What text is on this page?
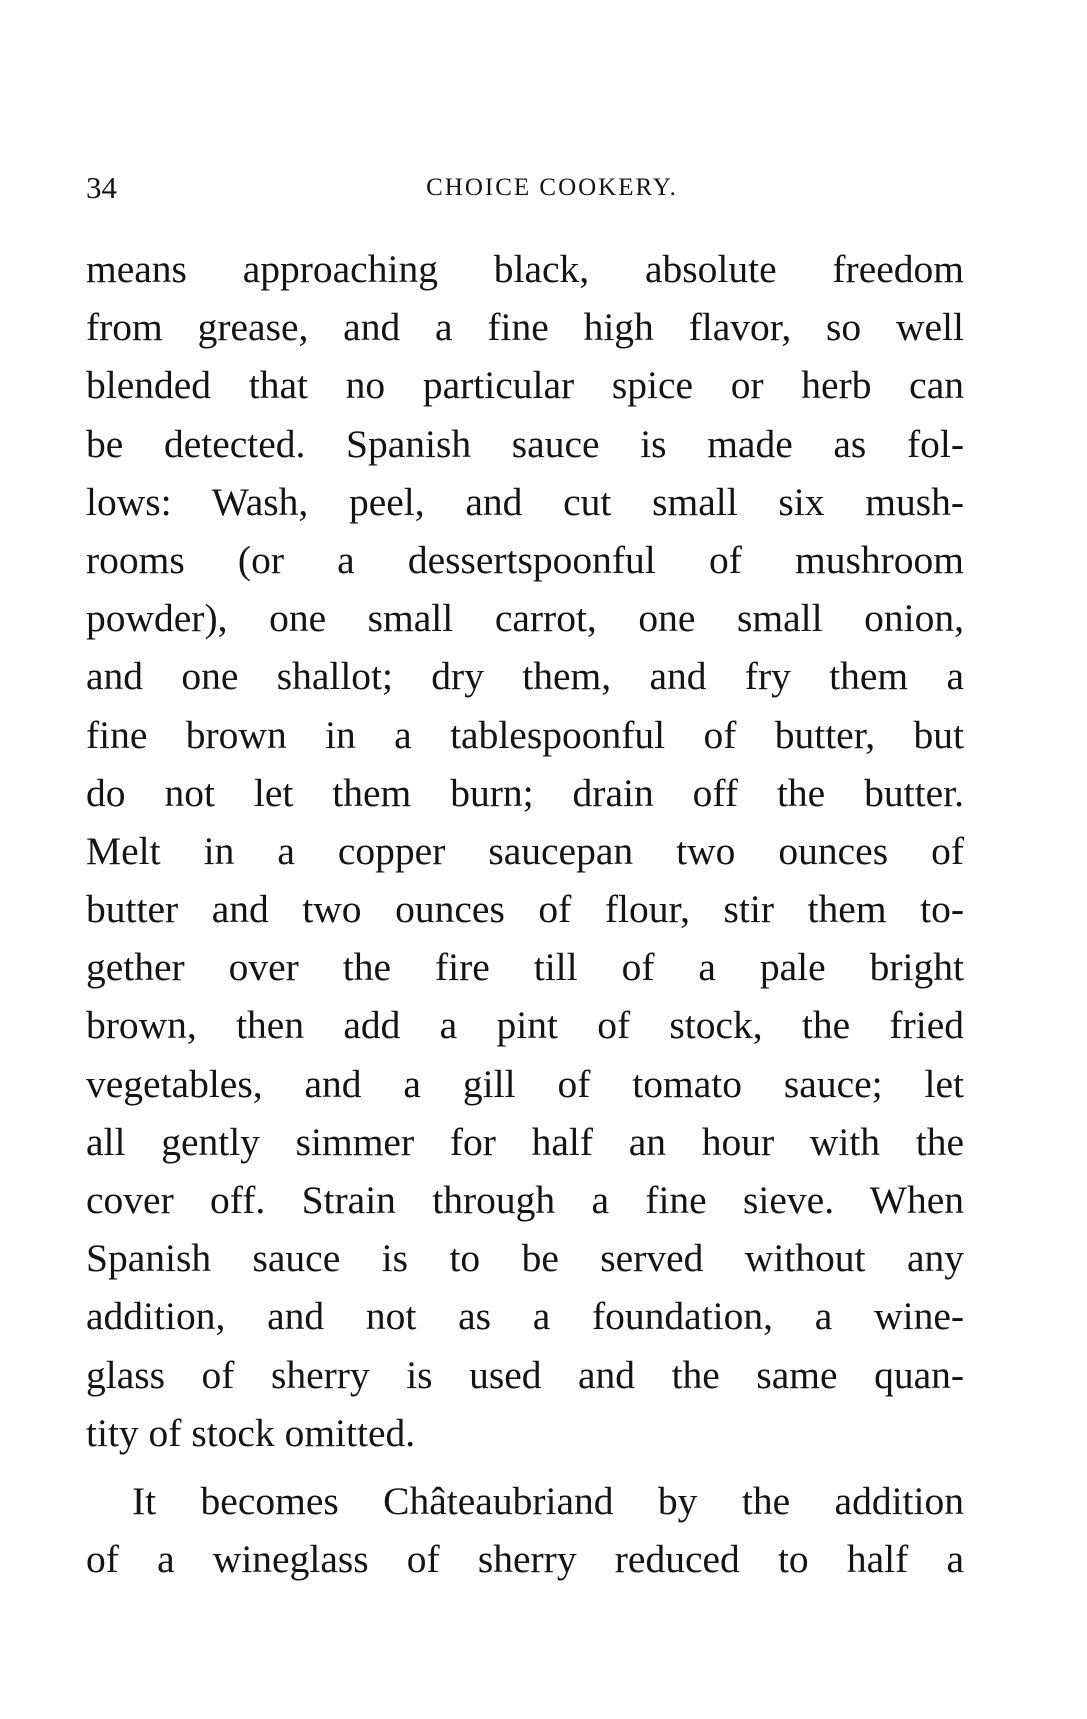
34	CHOICE COOKERY.
means approaching black, absolute freedom
from grease, and a fine high flavor, so well
blended that no particular spice or herb can
be detected. Spanish sauce is made as fol-
lows: Wash, peel, and cut small six mush-
rooms (or a dessertspoonful of mushroom
powder), one small carrot, one small onion,
and one shallot; dry them, and fry them a
fine brown in a tablespoonful of butter, but
do not let them burn; drain off the butter.
Melt in a copper saucepan two ounces of
butter and two ounces of flour, stir them to-
gether over the fire till of a pale bright
brown, then add a pint of stock, the fried
vegetables, and a gill of tomato sauce; let
all gently simmer for half an hour with the
cover off. Strain through a fine sieve. When
Spanish sauce is to be served without any
addition, and not as a foundation, a wine-
glass of sherry is used and the same quan-
tity of stock omitted.
It becomes Châteaubriand by the addition
of a wineglass of sherry reduced to half a
